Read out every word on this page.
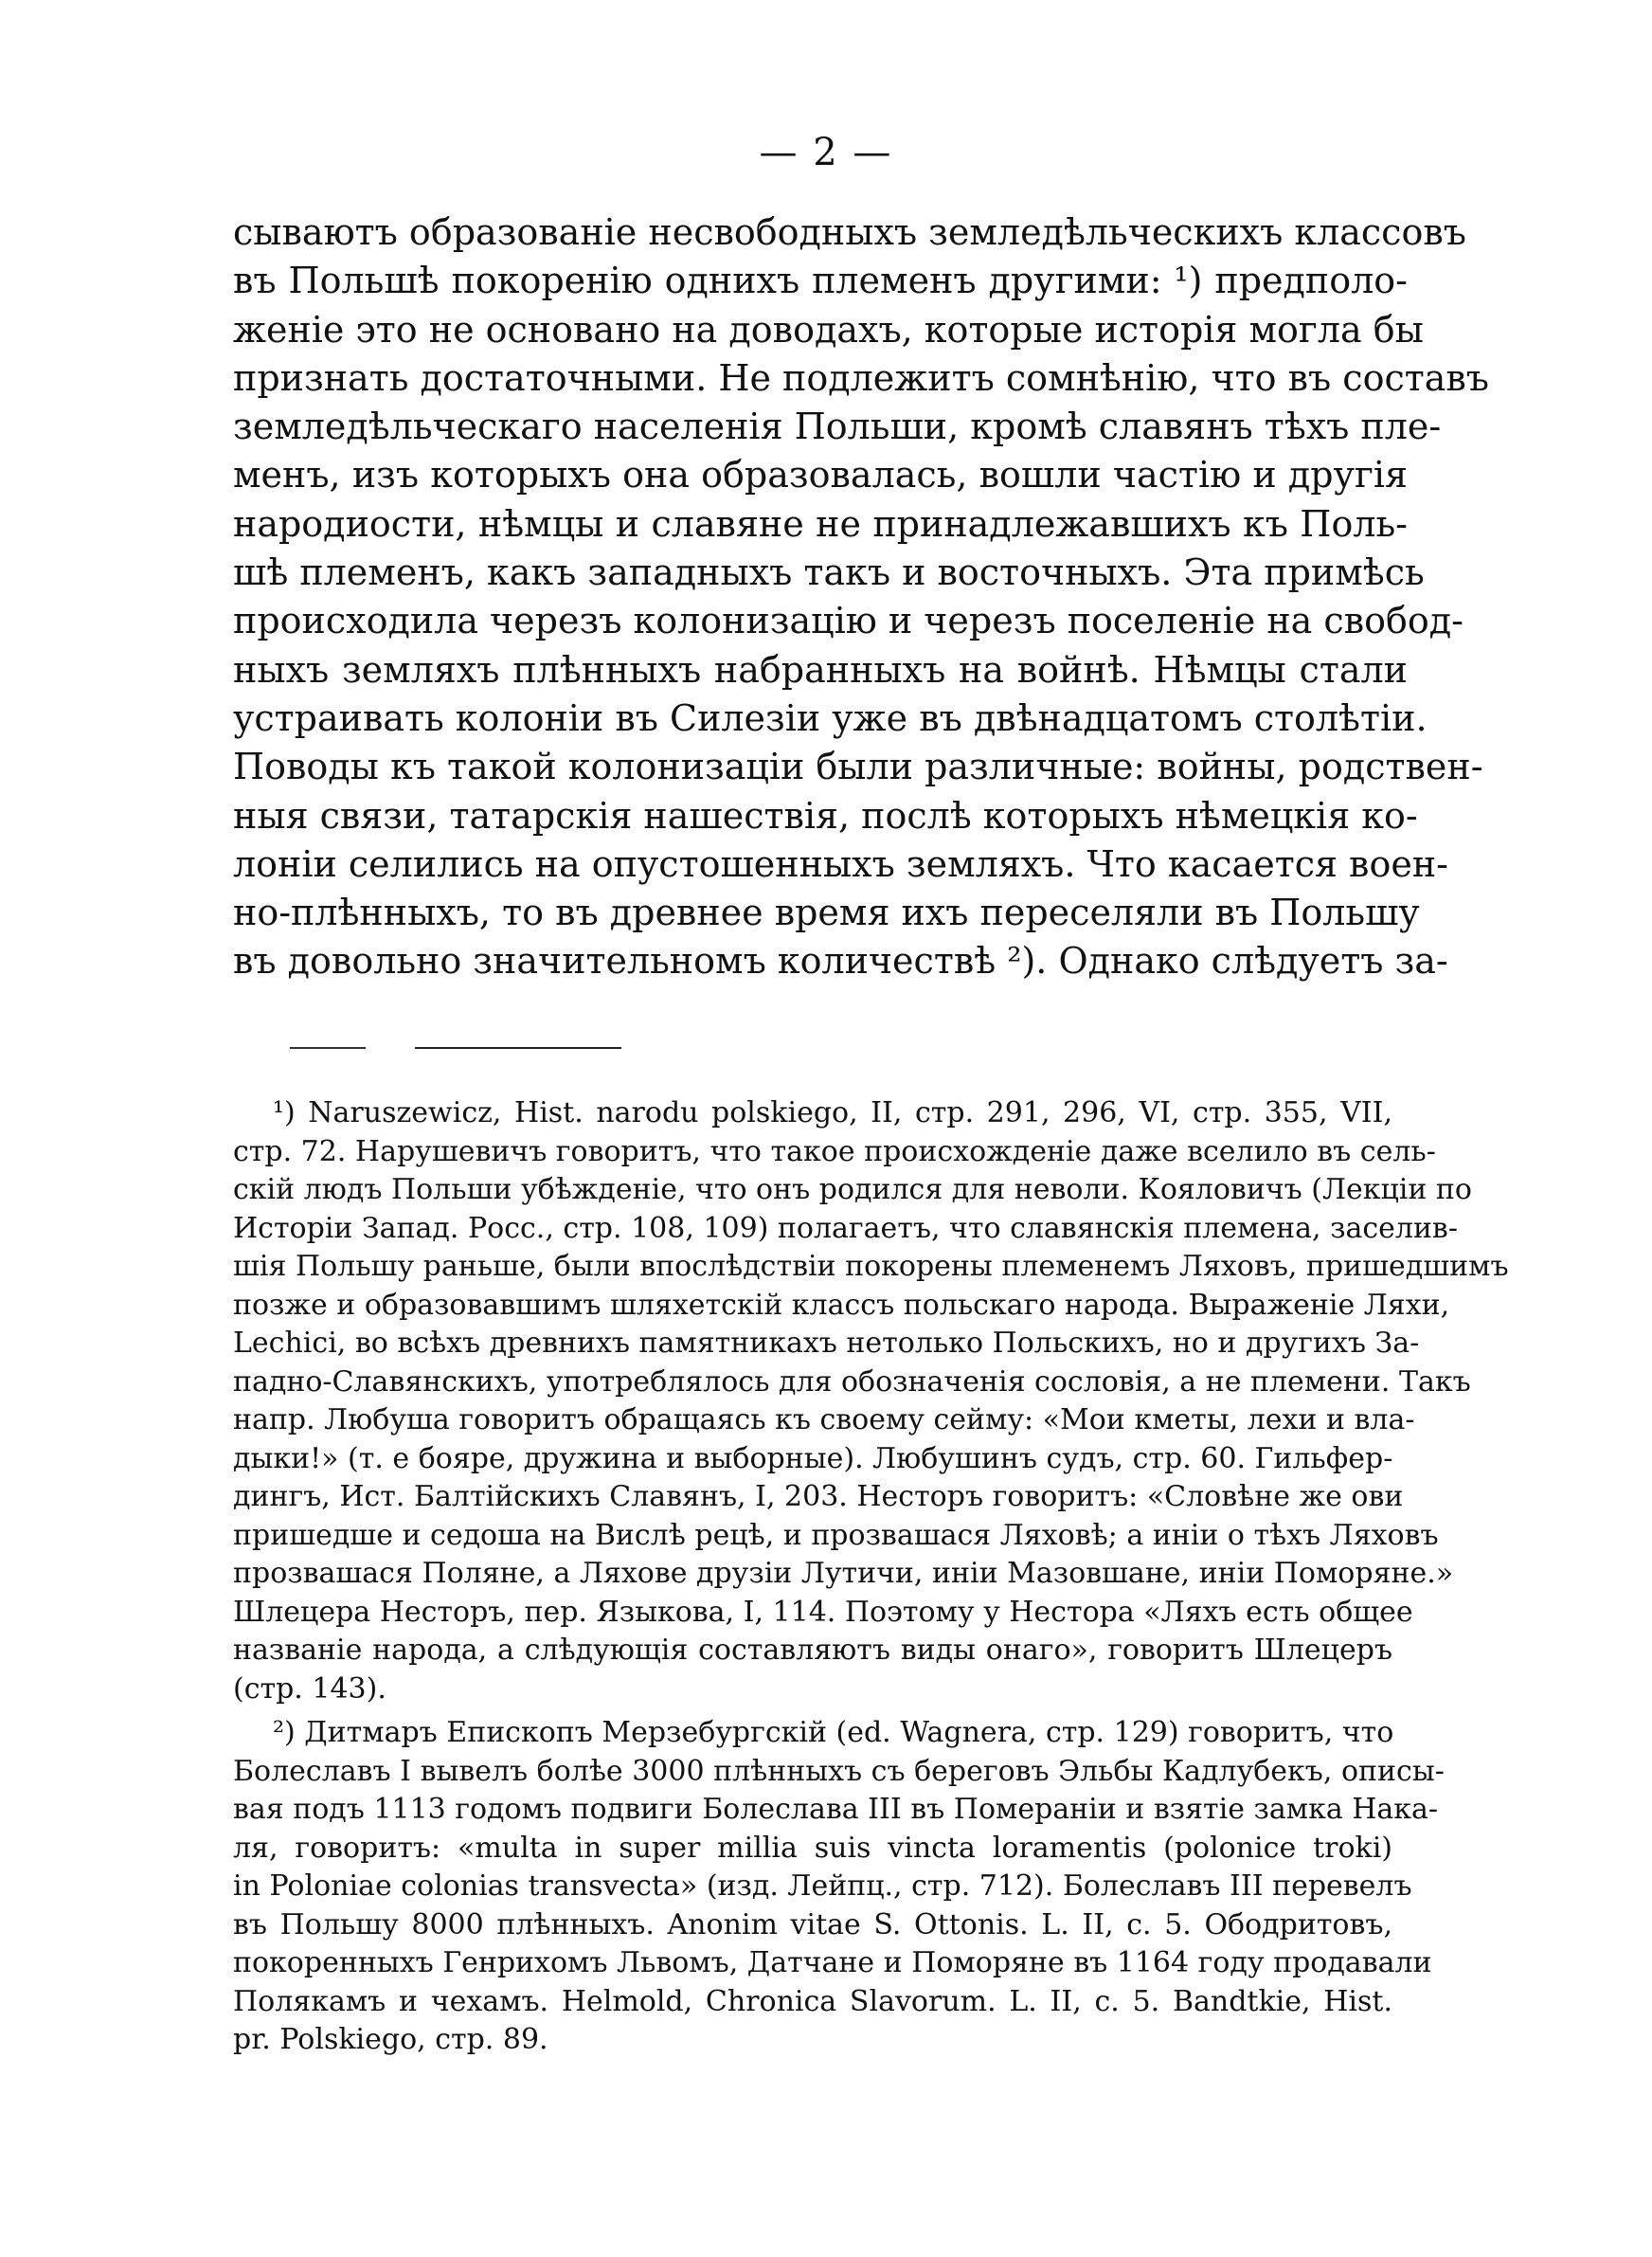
— 2 —
сываютъ образованіе несвободныхъ земледѣльческихъ классовъ
въ Польшѣ покоренію однихъ племенъ другими: ¹) предполо-
женіе это не основано на доводахъ, которые исторія могла бы
признать достаточными. Не подлежитъ сомнѣнію, что въ составъ
земледѣльческаго населенія Польши, кромѣ славянъ тѣхъ пле-
менъ, изъ которыхъ она образовалась, вошли частію и другія
народиости, нѣмцы и славяне не принадлежавшихъ къ Поль-
шѣ племенъ, какъ западныхъ такъ и восточныхъ. Эта примѣсь
происходила черезъ колонизацію и черезъ поселеніе на свобод-
ныхъ земляхъ плѣнныхъ набранныхъ на войнѣ. Нѣмцы стали
устраивать колоніи въ Силезіи уже въ двѣнадцатомъ столѣтіи.
Поводы къ такой колонизаціи были различные: войны, родствен-
ныя связи, татарскія нашествія, послѣ которыхъ нѣмецкія ко-
лоніи селились на опустошенныхъ земляхъ. Что касается воен-
но-плѣнныхъ, то въ древнее время ихъ переселяли въ Польшу
въ довольно значительномъ количествѣ ²). Однако слѣдуетъ за-
¹) Naruszewicz, Hist. narodu polskiego, II, стр. 291, 296, VI, стр. 355, VII,
стр. 72. Нарушевичъ говоритъ, что такое происхожденіе даже вселило въ сель-
скій людъ Польши убѣжденіе, что онъ родился для неволи. Кояловичъ (Лекціи по
Исторіи Запад. Росс., стр. 108, 109) полагаетъ, что славянскія племена, заселив-
шія Польшу раньше, были впослѣдствіи покорены племенемъ Ляховъ, пришедшимъ
позже и образовавшимъ шляхетскій классъ польскаго народа. Выраженіе Ляхи,
Lechici, во всѣхъ древнихъ памятникахъ нетолько Польскихъ, но и другихъ За-
падно-Славянскихъ, употреблялось для обозначенія сословія, а не племени. Такъ
напр. Любуша говоритъ обращаясь къ своему сейму: «Мои кметы, лехи и вла-
дыки!» (т. е бояре, дружина и выборные). Любушинъ судъ, стр. 60. Гильфер-
дингъ, Ист. Балтійскихъ Славянъ, I, 203. Несторъ говоритъ: «Словѣне же ови
пришедше и седоша на Вислѣ рецѣ, и прозвашася Ляховѣ; а иніи о тѣхъ Ляховъ
прозвашася Поляне, а Ляхове друзіи Лутичи, иніи Мазовшане, иніи Поморяне.»
Шлецера Несторъ, пер. Языкова, I, 114. Поэтому у Нестора «Ляхъ есть общее
названіе народа, а слѣдующія составляютъ виды онаго», говоритъ Шлецеръ
(стр. 143).
²) Дитмаръ Епископъ Мерзебургскій (ed. Wagnera, стр. 129) говоритъ, что
Болеславъ I вывелъ болѣе 3000 плѣнныхъ съ береговъ Эльбы Кадлубекъ, описы-
вая подъ 1113 годомъ подвиги Болеслава III въ Помераніи и взятіе замка Нака-
ля, говоритъ: «multa in super millia suis vincta loramentis (polonice troki)
in Poloniae colonias transvecta» (изд. Лейпц., стр. 712). Болеславъ III перевелъ
въ Польшу 8000 плѣнныхъ. Anonim vitae S. Ottonis. L. II, c. 5. Ободритовъ,
покоренныхъ Генрихомъ Львомъ, Датчане и Поморяне въ 1164 году продавали
Полякамъ и чехамъ. Helmold, Chronica Slavorum. L. II, c. 5. Bandtkie, Hist.
pr. Polskiego, стр. 89.
